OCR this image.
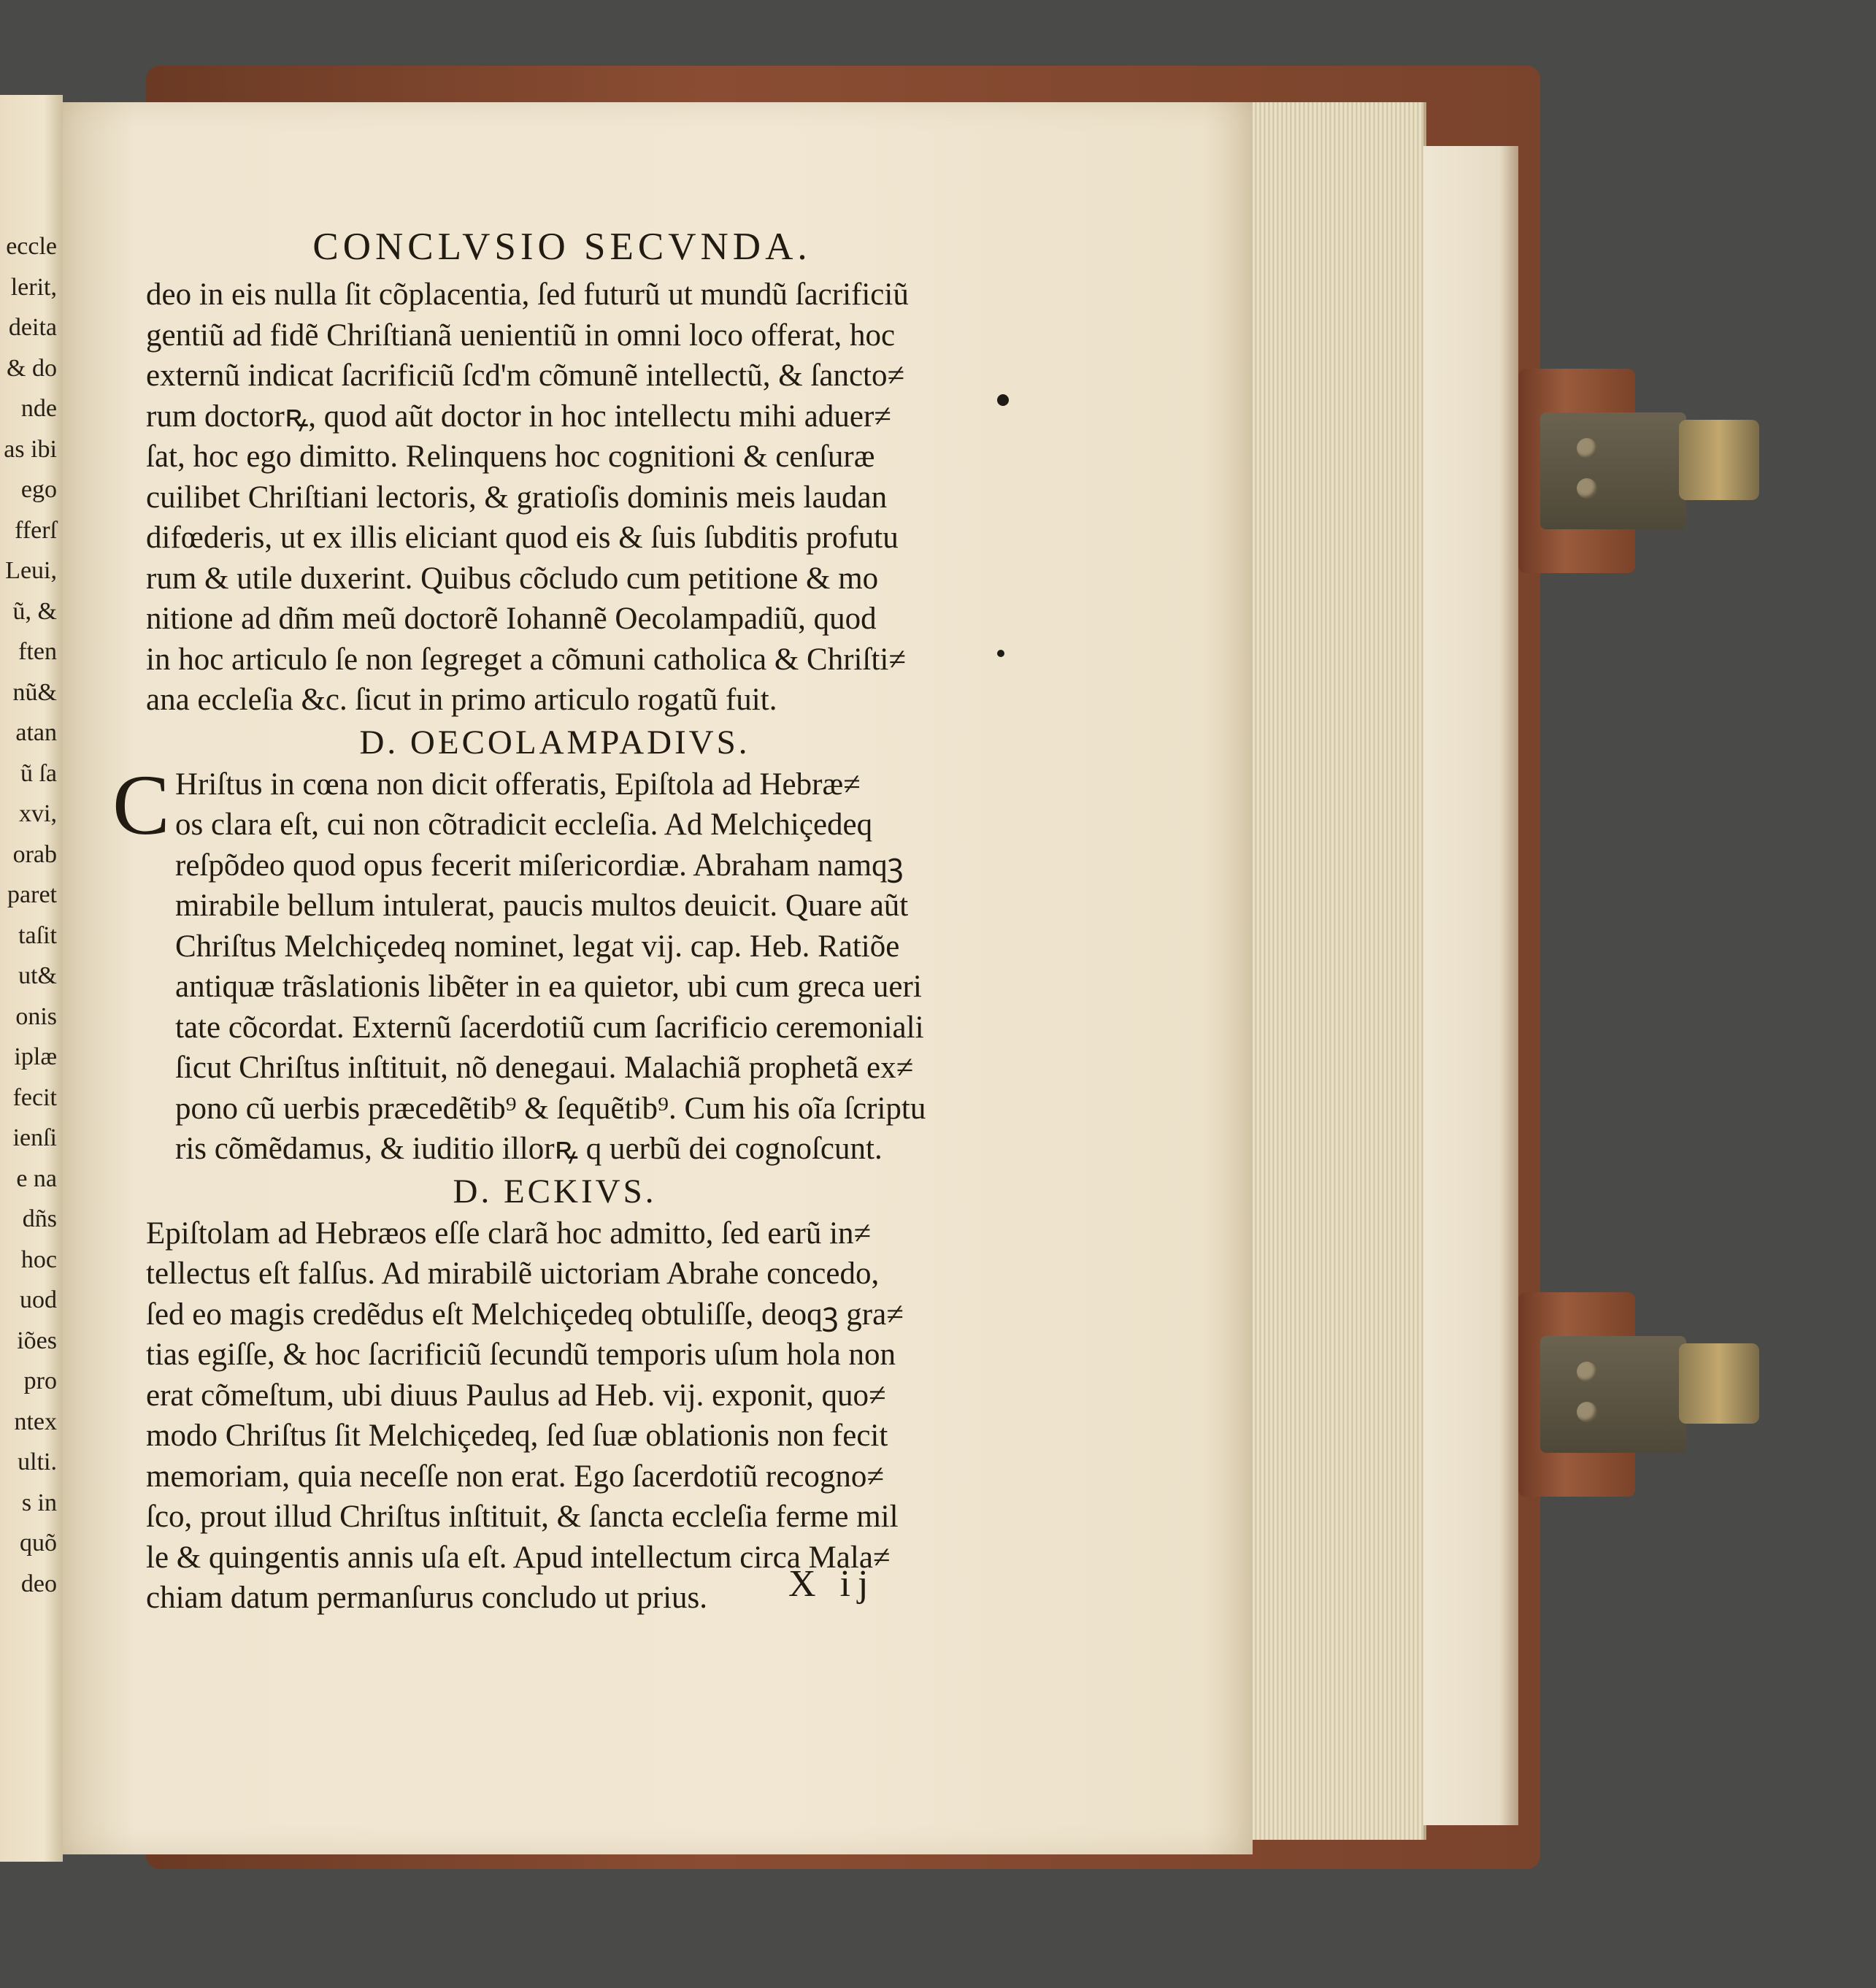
eccle
lerit,
deita
& do
nde
as ibi
ego
fferſ
Leui,
ũ, &
ften
nũ&
atan
ũ ſa
xvi,
orab
paret
taſit
ut&
onis
iplæ
fecit
ienſi
e na
dñs
hoc
uod
iões
pro
ntex
ulti.
s in
quõ
deo
CONCLVSIO SECVNDA.
deo in eis nulla ſit cõplacentia, ſed futurũ ut mundũ ſacrificiũ
gentiũ ad fidẽ Chriſtianã uenientiũ in omni loco offerat, hoc
externũ indicat ſacrificiũ ſcd'm cõmunẽ intellectũ, & ſancto≠
rum doctorꝶ, quod aũt doctor in hoc intellectu mihi aduer≠
ſat, hoc ego dimitto. Relinquens hoc cognitioni & cenſuræ
cuilibet Chriſtiani lectoris, & gratioſis dominis meis laudan
difœderis, ut ex illis eliciant quod eis & ſuis ſubditis profutu
rum & utile duxerint. Quibus cõcludo cum petitione & mo
nitione ad dñm meũ doctorẽ Iohannẽ Oecolampadiũ, quod
in hoc articulo ſe non ſegreget a cõmuni catholica & Chriſti≠
ana eccleſia &c. ſicut in primo articulo rogatũ fuit.
D. OECOLAMPADIVS.
C Hriſtus in cœna non dicit offeratis, Epiſtola ad Hebræ≠
os clara eſt, cui non cõtradicit eccleſia. Ad Melchiçedeq
reſpõdeo quod opus fecerit miſericordiæ. Abraham namqꝫ
mirabile bellum intulerat, paucis multos deuicit. Quare aũt
Chriſtus Melchiçedeq nominet, legat vij. cap. Heb. Ratiõe
antiquæ trãslationis libẽter in ea quietor, ubi cum greca ueri
tate cõcordat. Externũ ſacerdotiũ cum ſacrificio ceremoniali
ſicut Chriſtus inſtituit, nõ denegaui. Malachiã prophetã ex≠
pono cũ uerbis præcedẽtib⁹ & ſequẽtib⁹. Cum his oĩa ſcriptu
ris cõmẽdamus, & iuditio illorꝶ q uerbũ dei cognoſcunt.
D. ECKIVS.
Epiſtolam ad Hebræos eſſe clarã hoc admitto, ſed earũ in≠
tellectus eſt falſus. Ad mirabilẽ uictoriam Abrahe concedo,
ſed eo magis credẽdus eſt Melchiçedeq obtuliſſe, deoqꝫ gra≠
tias egiſſe, & hoc ſacrificiũ ſecundũ temporis uſum hola non
erat cõmeſtum, ubi diuus Paulus ad Heb. vij. exponit, quo≠
modo Chriſtus ſit Melchiçedeq, ſed ſuæ oblationis non fecit
memoriam, quia neceſſe non erat. Ego ſacerdotiũ recogno≠
ſco, prout illud Chriſtus inſtituit, & ſancta eccleſia ferme mil
le & quingentis annis uſa eſt. Apud intellectum circa Mala≠
chiam datum permanſurus concludo ut prius.	X ij
